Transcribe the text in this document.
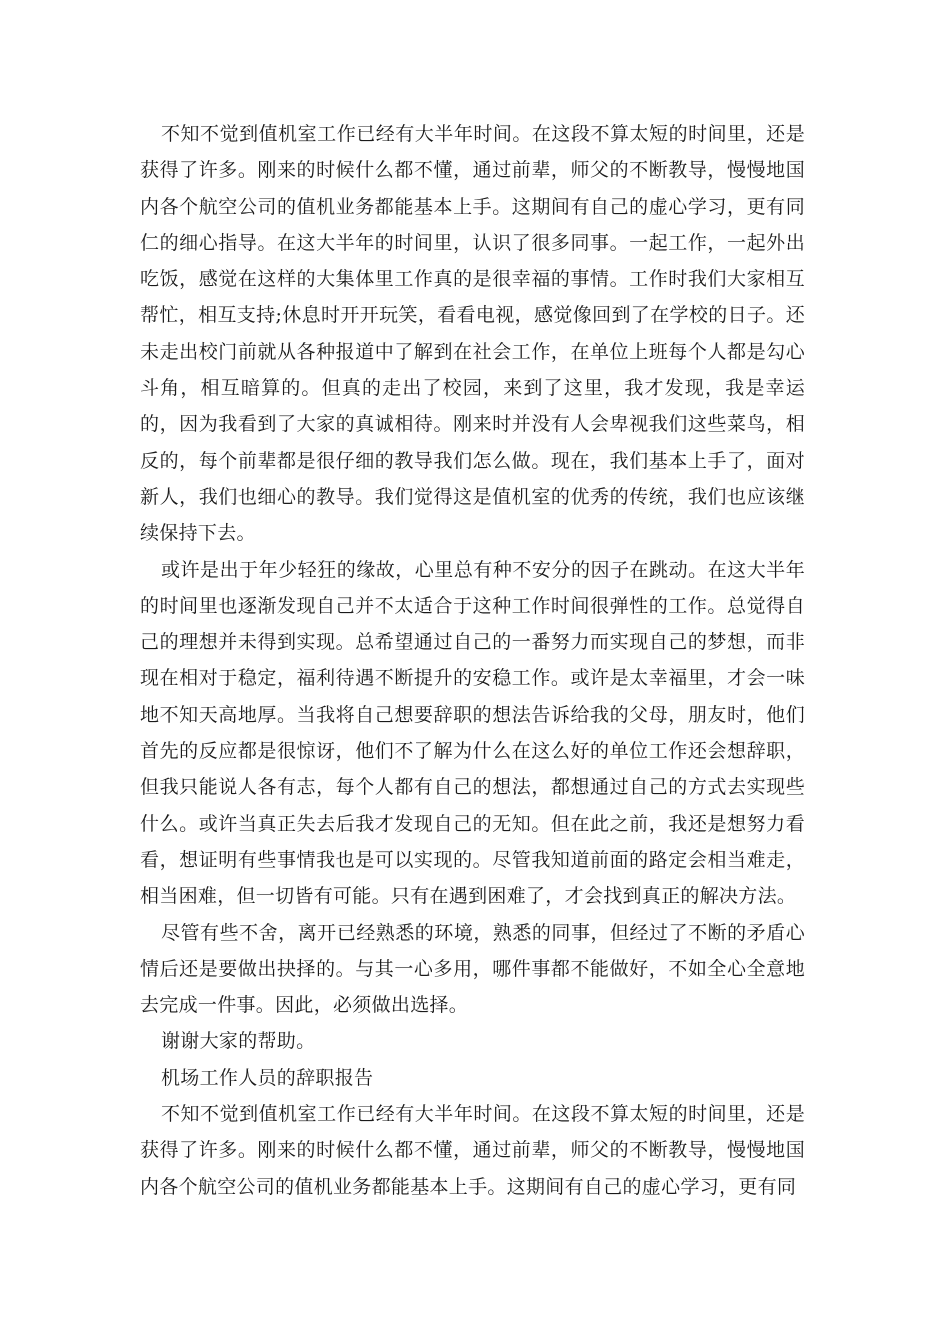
不知不觉到值机室工作已经有大半年时间。在这段不算太短的时间里，还是获得了许多。刚来的时候什么都不懂，通过前辈，师父的不断教导，慢慢地国内各个航空公司的值机业务都能基本上手。这期间有自己的虚心学习，更有同仁的细心指导。在这大半年的时间里，认识了很多同事。一起工作，一起外出吃饭，感觉在这样的大集体里工作真的是很幸福的事情。工作时我们大家相互帮忙，相互支持;休息时开开玩笑，看看电视，感觉像回到了在学校的日子。还未走出校门前就从各种报道中了解到在社会工作，在单位上班每个人都是勾心斗角，相互暗算的。但真的走出了校园，来到了这里，我才发现，我是幸运的，因为我看到了大家的真诚相待。刚来时并没有人会卑视我们这些菜鸟，相反的，每个前辈都是很仔细的教导我们怎么做。现在，我们基本上手了，面对新人，我们也细心的教导。我们觉得这是值机室的优秀的传统，我们也应该继续保持下去。

或许是出于年少轻狂的缘故，心里总有种不安分的因子在跳动。在这大半年的时间里也逐渐发现自己并不太适合于这种工作时间很弹性的工作。总觉得自己的理想并未得到实现。总希望通过自己的一番努力而实现自己的梦想，而非现在相对于稳定，福利待遇不断提升的安稳工作。或许是太幸福里，才会一味地不知天高地厚。当我将自己想要辞职的想法告诉给我的父母，朋友时，他们首先的反应都是很惊讶，他们不了解为什么在这么好的单位工作还会想辞职，但我只能说人各有志，每个人都有自己的想法，都想通过自己的方式去实现些什么。或许当真正失去后我才发现自己的无知。但在此之前，我还是想努力看看，想证明有些事情我也是可以实现的。尽管我知道前面的路定会相当难走，相当困难，但一切皆有可能。只有在遇到困难了，才会找到真正的解决方法。

尽管有些不舍，离开已经熟悉的环境，熟悉的同事，但经过了不断的矛盾心情后还是要做出抉择的。与其一心多用，哪件事都不能做好，不如全心全意地去完成一件事。因此，必须做出选择。

谢谢大家的帮助。

机场工作人员的辞职报告

不知不觉到值机室工作已经有大半年时间。在这段不算太短的时间里，还是获得了许多。刚来的时候什么都不懂，通过前辈，师父的不断教导，慢慢地国内各个航空公司的值机业务都能基本上手。这期间有自己的虚心学习，更有同
